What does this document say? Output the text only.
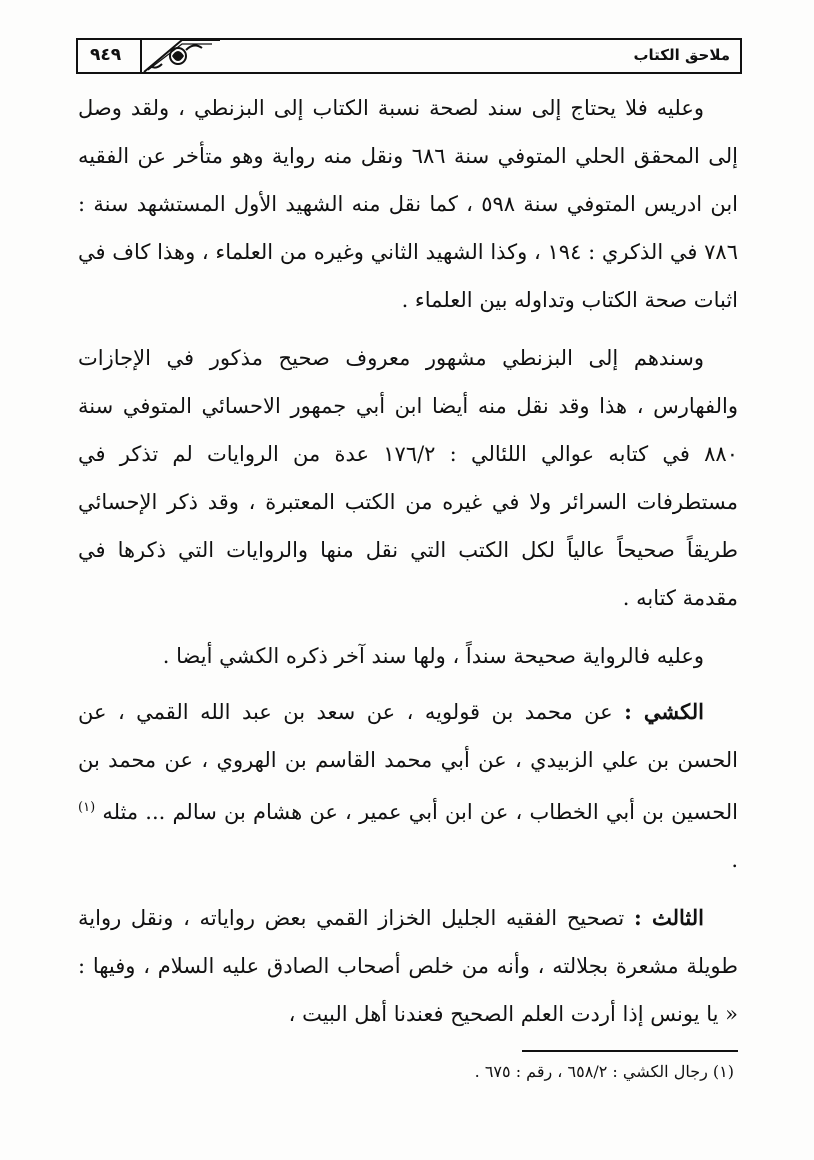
٩٤٩	ملاحق الكتاب

وعليه فلا يحتاج إلى سند لصحة نسبة الكتاب إلى البزنطي ، ولقد وصل إلى المحقق الحلي المتوفي سنة ٦٨٦ ونقل منه رواية وهو متأخر عن الفقيه ابن ادريس المتوفي سنة ٥٩٨ ، كما نقل منه الشهيد الأول المستشهد سنة : ٧٨٦ في الذكري : ١٩٤ ، وكذا الشهيد الثاني وغيره من العلماء ، وهذا كاف في اثبات صحة الكتاب وتداوله بين العلماء .

وسندهم إلى البزنطي مشهور معروف صحيح مذكور في الإجازات والفهارس ، هذا وقد نقل منه أيضا ابن أبي جمهور الاحسائي المتوفي سنة ٨٨٠ في كتابه عوالي اللئالي : ١٧٦/٢ عدة من الروايات لم تذكر في مستطرفات السرائر ولا في غيره من الكتب المعتبرة ، وقد ذكر الإحسائي طريقاً صحيحاً عالياً لكل الكتب التي نقل منها والروايات التي ذكرها في مقدمة كتابه .

وعليه فالرواية صحيحة سنداً ، ولها سند آخر ذكره الكشي أيضا .

الكشي : عن محمد بن قولويه ، عن سعد بن عبد الله القمي ، عن الحسن بن علي الزبيدي ، عن أبي محمد القاسم بن الهروي ، عن محمد بن الحسين بن أبي الخطاب ، عن ابن أبي عمير ، عن هشام بن سالم ... مثله $^{(١)}$ .

الثالث : تصحيح الفقيه الجليل الخزاز القمي بعض رواياته ، ونقل رواية طويلة مشعرة بجلالته ، وأنه من خلص أصحاب الصادق عليه السلام ، وفيها : « يا يونس إذا أردت العلم الصحيح فعندنا أهل البيت ،

(١) رجال الكشي : ٦٥٨/٢ ، رقم : ٦٧٥ .
